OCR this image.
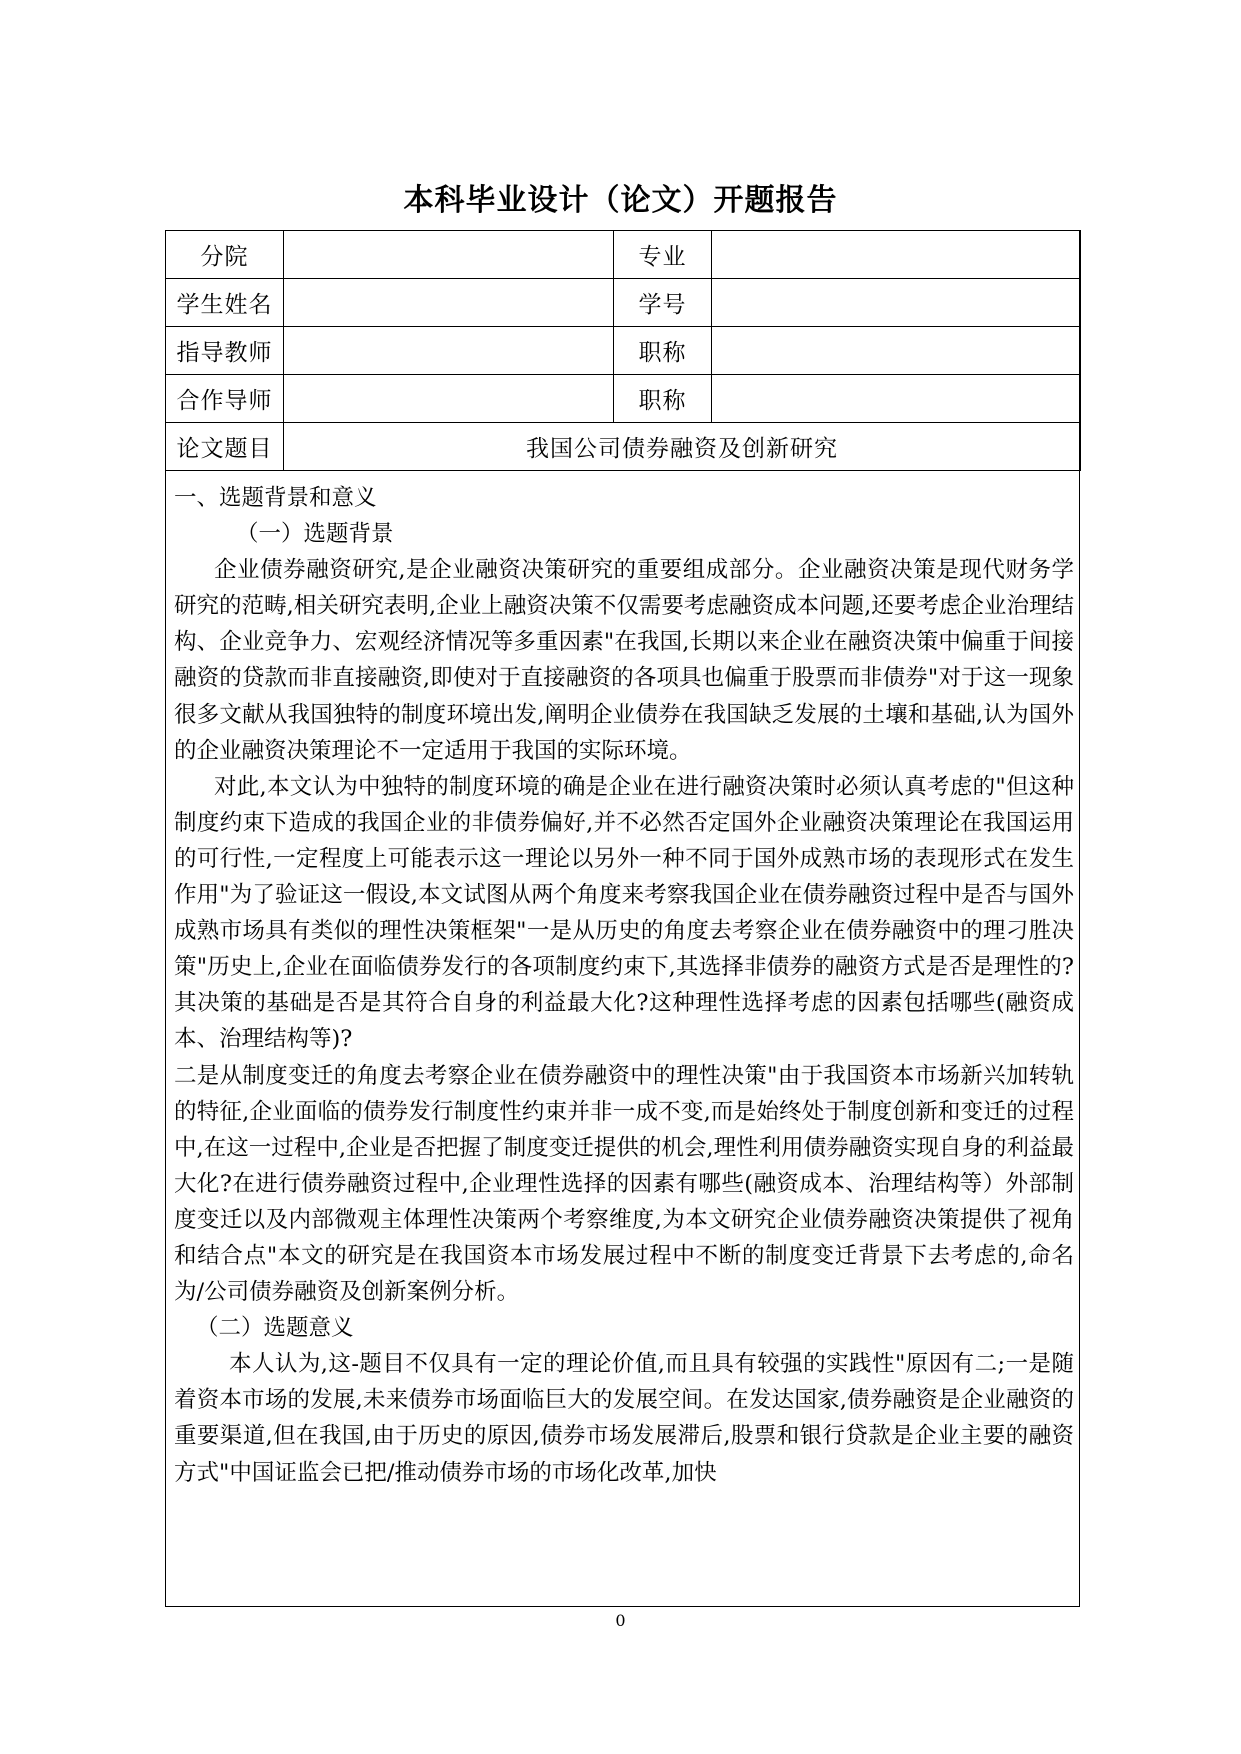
本科毕业设计（论文）开题报告
分院		专业	
学生姓名		学号	
指导教师		职称	
合作导师		职称	
论文题目	我国公司债券融资及创新研究		

一、选题背景和意义

（一）选题背景

企业债券融资研究,是企业融资决策研究的重要组成部分。企业融资决策是现代财务学研究的范畴,相关研究表明,企业上融资决策不仅需要考虑融资成本问题,还要考虑企业治理结构、企业竞争力、宏观经济情况等多重因素"在我国,长期以来企业在融资决策中偏重于间接融资的贷款而非直接融资,即使对于直接融资的各项具也偏重于股票而非债券"对于这一现象很多文献从我国独特的制度环境出发,阐明企业债券在我国缺乏发展的土壤和基础,认为国外的企业融资决策理论不一定适用于我国的实际环境。

对此,本文认为中独特的制度环境的确是企业在进行融资决策时必须认真考虑的"但这种制度约束下造成的我国企业的非债券偏好,并不必然否定国外企业融资决策理论在我国运用的可行性,一定程度上可能表示这一理论以另外一种不同于国外成熟市场的表现形式在发生作用"为了验证这一假设,本文试图从两个角度来考察我国企业在债券融资过程中是否与国外成熟市场具有类似的理性决策框架"一是从历史的角度去考察企业在债券融资中的理刁胜决策"历史上,企业在面临债券发行的各项制度约束下,其选择非债券的融资方式是否是理性的?其决策的基础是否是其符合自身的利益最大化?这种理性选择考虑的因素包括哪些(融资成本、治理结构等)?

二是从制度变迁的角度去考察企业在债券融资中的理性决策"由于我国资本市场新兴加转轨的特征,企业面临的债券发行制度性约束并非一成不变,而是始终处于制度创新和变迁的过程中,在这一过程中,企业是否把握了制度变迁提供的机会,理性利用债券融资实现自身的利益最大化?在进行债券融资过程中,企业理性选择的因素有哪些(融资成本、治理结构等）外部制度变迁以及内部微观主体理性决策两个考察维度,为本文研究企业债券融资决策提供了视角和结合点"本文的研究是在我国资本市场发展过程中不断的制度变迁背景下去考虑的,命名为/公司债券融资及创新案例分析。

（二）选题意义

本人认为,这-题目不仅具有一定的理论价值,而且具有较强的实践性"原因有二;一是随着资本市场的发展,未来债券市场面临巨大的发展空间。在发达国家,债券融资是企业融资的重要渠道,但在我国,由于历史的原因,债券市场发展滞后,股票和银行贷款是企业主要的融资方式"中国证监会已把/推动债券市场的市场化改革,加快

0
